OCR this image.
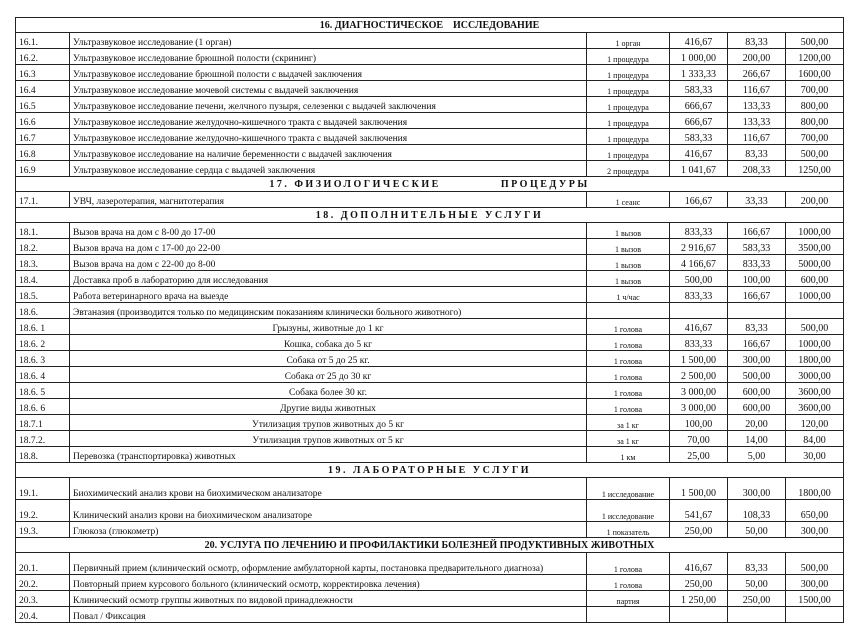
16. ДИАГНОСТИЧЕСКОЕ    ИССЛЕДОВАНИЕ					
16.1.	Ультразвуковое исследование (1 орган)	1 орган	416,67	83,33	500,00
16.2.	Ультразвуковое исследование брюшной полости (скрининг)	1 процедура	1 000,00	200,00	1200,00
16.3	Ультразвуковое исследование брюшной полости с выдачей заключения	1 процедура	1 333,33	266,67	1600,00
16.4	Ультразвуковое исследование мочевой системы с выдачей заключения	1 процедура	583,33	116,67	700,00
16.5	Ультразвуковое исследование печени, желчного пузыря, селезенки с выдачей заключения	1 процедура	666,67	133,33	800,00
16.6	Ультразвуковое исследование желудочно-кишечного тракта с выдачей заключения	1 процедура	666,67	133,33	800,00
16.7	Ультразвуковое исследование желудочно-кишечного тракта с выдачей заключения	1 процедура	583,33	116,67	700,00
16.8	Ультразвуковое исследование на наличие беременности с выдачей заключения	1 процедура	416,67	83,33	500,00
16.9	Ультразвуковое исследование сердца с выдачей заключения	2 процедура	1 041,67	208,33	1250,00
17. ФИЗИОЛОГИЧЕСКИЕ            ПРОЦЕДУРЫ					
17.1.	УВЧ, лазеротерапия, магнитотерапия	1 сеанс	166,67	33,33	200,00
18. ДОПОЛНИТЕЛЬНЫЕ УСЛУГИ					
18.1.	Вызов врача на дом с 8-00 до 17-00	1 вызов	833,33	166,67	1000,00
18.2.	Вызов врача на дом с 17-00 до 22-00	1 вызов	2 916,67	583,33	3500,00
18.3.	Вызов врача на дом с 22-00 до 8-00	1 вызов	4 166,67	833,33	5000,00
18.4.	Доставка проб в лабораторию для исследования	1 вызов	500,00	100,00	600,00
18.5.	Работа ветеринарного врача на выезде	1 ч/час	833,33	166,67	1000,00
18.6.	Эвтаназия (производится только по медицинским показаниям клинически больного животного)				
18.6. 1	Грызуны, животные до 1 кг	1 голова	416,67	83,33	500,00
18.6. 2	Кошка, собака до 5 кг	1 голова	833,33	166,67	1000,00
18.6. 3	Собака от 5 до 25 кг.	1 голова	1 500,00	300,00	1800,00
18.6. 4	Собака от 25 до 30 кг	1 голова	2 500,00	500,00	3000,00
18.6. 5	Собака более 30 кг.	1 голова	3 000,00	600,00	3600,00
18.6. 6	Другие виды животных	1 голова	3 000,00	600,00	3600,00
18.7.1	Утилизация трупов животных до 5 кг	за 1 кг	100,00	20,00	120,00
18.7.2.	Утилизация трупов животных от 5 кг	за 1 кг	70,00	14,00	84,00
18.8.	Перевозка (транспортировка) животных	1 км	25,00	5,00	30,00
19. ЛАБОРАТОРНЫЕ УСЛУГИ					
19.1.	Биохимический анализ крови на биохимическом анализаторе	1 исследование	1 500,00	300,00	1800,00
19.2.	Клинический анализ крови на биохимическом анализаторе	1 исследование	541,67	108,33	650,00
19.3.	Глюкоза (глюкометр)	1 показатель	250,00	50,00	300,00
20. УСЛУГА ПО ЛЕЧЕНИЮ И ПРОФИЛАКТИКИ БОЛЕЗНЕЙ ПРОДУКТИВНЫХ ЖИВОТНЫХ					
20.1.	Первичный прием (клинический осмотр, оформление амбулаторной карты, постановка предварительного диагноза)	1 голова	416,67	83,33	500,00
20.2.	Повторный прием курсового больного (клинический осмотр, корректировка лечения)	1 голова	250,00	50,00	300,00
20.3.	Клинический осмотр группы животных по видовой принадлежности	партия	1 250,00	250,00	1500,00
20.4.	Повал / Фиксация				
